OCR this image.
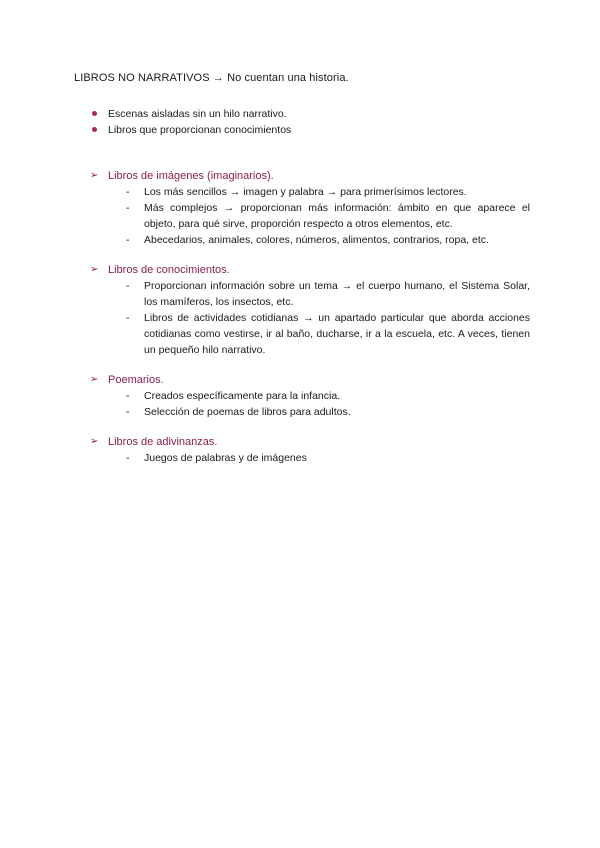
LIBROS NO NARRATIVOS → No cuentan una historia.

Escenas aisladas sin un hilo narrativo.
Libros que proporcionan conocimientos
➢ Libros de imágenes (imaginarios).
- Los más sencillos → imagen y palabra → para primerísimos lectores.
- Más complejos → proporcionan más información: ámbito en que aparece el objeto, para qué sirve, proporción respecto a otros elementos, etc.
- Abecedarios, animales, colores, números, alimentos, contrarios, ropa, etc.
➢ Libros de conocimientos.
- Proporcionan información sobre un tema → el cuerpo humano, el Sistema Solar, los mamíferos, los insectos, etc.
- Libros de actividades cotidianas → un apartado particular que aborda acciones cotidianas como vestirse, ir al baño, ducharse, ir a la escuela, etc. A veces, tienen un pequeño hilo narrativo.
➢ Poemarios.
- Creados específicamente para la infancia.
- Selección de poemas de libros para adultos.
➢ Libros de adivinanzas.
- Juegos de palabras y de imágenes
